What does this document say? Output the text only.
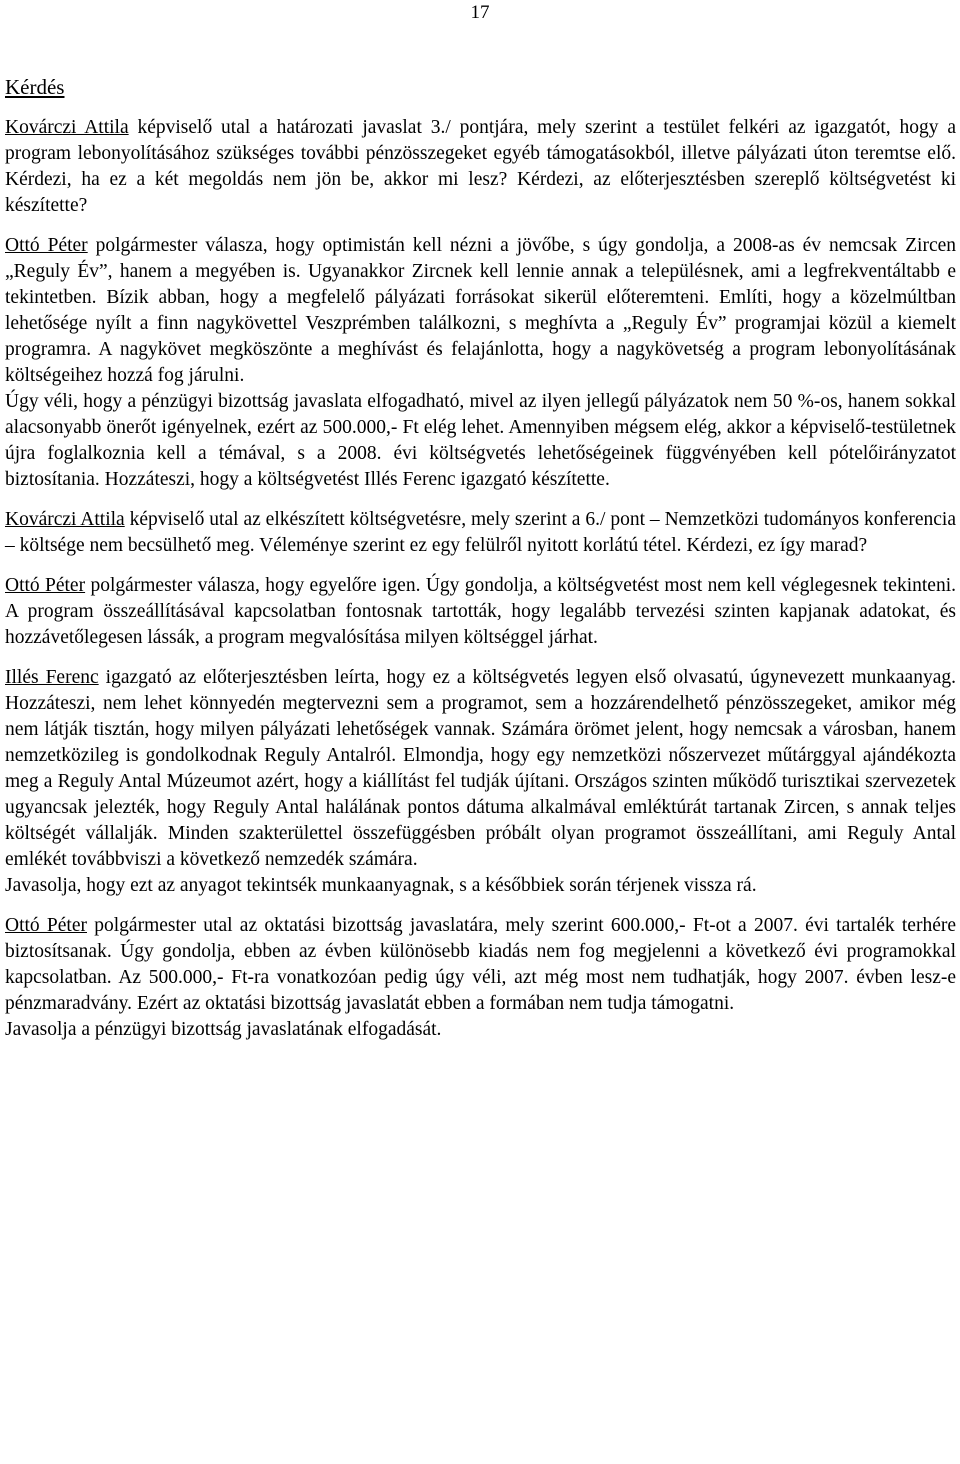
17
Kérdés
Kovárczi Attila képviselő utal a határozati javaslat 3./ pontjára, mely szerint a testület felkéri az igazgatót, hogy a program lebonyolításához szükséges további pénzösszegeket egyéb támogatásokból, illetve pályázati úton teremtse elő. Kérdezi, ha ez a két megoldás nem jön be, akkor mi lesz? Kérdezi, az előterjesztésben szereplő költségvetést ki készítette?
Ottó Péter polgármester válasza, hogy optimistán kell nézni a jövőbe, s úgy gondolja, a 2008-as év nemcsak Zircen „Reguly Év”, hanem a megyében is. Ugyanakkor Zircnek kell lennie annak a településnek, ami a legfrekventáltabb e tekintetben. Bízik abban, hogy a megfelelő pályázati forrásokat sikerül előteremteni. Említi, hogy a közelmúltban lehetősége nyílt a finn nagykövettel Veszprémben találkozni, s meghívta a „Reguly Év” programjai közül a kiemelt programra. A nagykövet megköszönte a meghívást és felajánlotta, hogy a nagykövetség a program lebonyolításának költségeihez hozzá fog járulni.
Úgy véli, hogy a pénzügyi bizottság javaslata elfogadható, mivel az ilyen jellegű pályázatok nem 50 %-os, hanem sokkal alacsonyabb önerőt igényelnek, ezért az 500.000,- Ft elég lehet. Amennyiben mégsem elég, akkor a képviselő-testületnek újra foglalkoznia kell a témával, s a 2008. évi költségvetés lehetőségeinek függvényében kell pótelőirányzatot biztosítania. Hozzáteszi, hogy a költségvetést Illés Ferenc igazgató készítette.
Kovárczi Attila képviselő utal az elkészített költségvetésre, mely szerint a 6./ pont – Nemzetközi tudományos konferencia – költsége nem becsülhető meg. Véleménye szerint ez egy felülről nyitott korlátú tétel. Kérdezi, ez így marad?
Ottó Péter polgármester válasza, hogy egyelőre igen. Úgy gondolja, a költségvetést most nem kell véglegesnek tekinteni. A program összeállításával kapcsolatban fontosnak tartották, hogy legalább tervezési szinten kapjanak adatokat, és hozzávetőlegesen lássák, a program megvalósítása milyen költséggel járhat.
Illés Ferenc igazgató az előterjesztésben leírta, hogy ez a költségvetés legyen első olvasatú, úgynevezett munkaanyag. Hozzáteszi, nem lehet könnyedén megtervezni sem a programot, sem a hozzárendelhető pénzösszegeket, amikor még nem látják tisztán, hogy milyen pályázati lehetőségek vannak. Számára örömet jelent, hogy nemcsak a városban, hanem nemzetközileg is gondolkodnak Reguly Antalról. Elmondja, hogy egy nemzetközi nőszervezet műtárggyal ajándékozta meg a Reguly Antal Múzeumot azért, hogy a kiállítást fel tudják újítani. Országos szinten működő turisztikai szervezetek ugyancsak jelezték, hogy Reguly Antal halálának pontos dátuma alkalmával emléktúrát tartanak Zircen, s annak teljes költségét vállalják. Minden szakterülettel összefüggésben próbált olyan programot összeállítani, ami Reguly Antal emlékét továbbviszi a következő nemzedék számára.
Javasolja, hogy ezt az anyagot tekintsék munkaanyagnak, s a későbbiek során térjenek vissza rá.
Ottó Péter polgármester utal az oktatási bizottság javaslatára, mely szerint 600.000,- Ft-ot a 2007. évi tartalék terhére biztosítsanak. Úgy gondolja, ebben az évben különösebb kiadás nem fog megjelenni a következő évi programokkal kapcsolatban. Az 500.000,- Ft-ra vonatkozóan pedig úgy véli, azt még most nem tudhatják, hogy 2007. évben lesz-e pénzmaradvány. Ezért az oktatási bizottság javaslatát ebben a formában nem tudja támogatni.
Javasolja a pénzügyi bizottság javaslatának elfogadását.
